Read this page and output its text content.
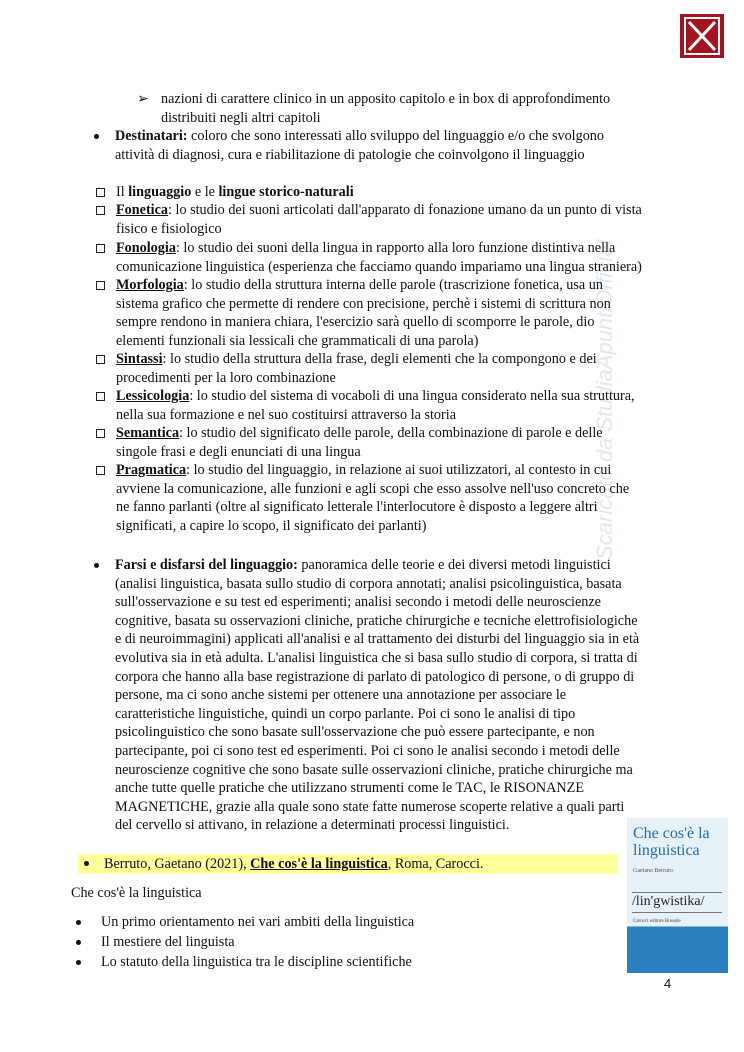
➢ nazioni di carattere clinico in un apposito capitolo e in box di approfondimento
distribuiti negli altri capitoli
Destinatari: coloro che sono interessati allo sviluppo del linguaggio e/o che svolgono
attività di diagnosi, cura e riabilitazione di patologie che coinvolgono il linguaggio
Il linguaggio e le lingue storico-naturali
Fonetica: lo studio dei suoni articolati dall'apparato di fonazione umano da un punto di vista
fisico e fisiologico
Fonologia: lo studio dei suoni della lingua in rapporto alla loro funzione distintiva nella
comunicazione linguistica (esperienza che facciamo quando impariamo una lingua straniera)
Morfologia: lo studio della struttura interna delle parole (trascrizione fonetica, usa un
sistema grafico che permette di rendere con precisione, perchè i sistemi di scrittura non
sempre rendono in maniera chiara, l'esercizio sarà quello di scomporre le parole, dio
elementi funzionali sia lessicali che grammaticali di una parola)
Sintassi: lo studio della struttura della frase, degli elementi che la compongono e dei
procedimenti per la loro combinazione
Lessicologia: lo studio del sistema di vocaboli di una lingua considerato nella sua struttura,
nella sua formazione e nel suo costituirsi attraverso la storia
Semantica: lo studio del significato delle parole, della combinazione di parole e delle
singole frasi e degli enunciati di una lingua
Pragmatica: lo studio del linguaggio, in relazione ai suoi utilizzatori, al contesto in cui
avviene la comunicazione, alle funzioni e agli scopi che esso assolve nell'uso concreto che
ne fanno parlanti (oltre al significato letterale l'interlocutore è disposto a leggere altri
significati, a capire lo scopo, il significato dei parlanti)
Farsi e disfarsi del linguaggio: panoramica delle teorie e dei diversi metodi linguistici
(analisi linguistica, basata sullo studio di corpora annotati; analisi psicolinguistica, basata
sull'osservazione e su test ed esperimenti; analisi secondo i metodi delle neuroscienze
cognitive, basata su osservazioni cliniche, pratiche chirurgiche e tecniche elettrofisiologiche
e di neuroimmagini) applicati all'analisi e al trattamento dei disturbi del linguaggio sia in età
evolutiva sia in età adulta. L'analisi linguistica che si basa sullo studio di corpora, si tratta di
corpora che hanno alla base registrazione di parlato di patologico di persone, o di gruppo di
persone, ma ci sono anche sistemi per ottenere una annotazione per associare le
caratteristiche linguistiche, quindi un corpo parlante. Poi ci sono le analisi di tipo
psicolinguistico che sono basate sull'osservazione che può essere partecipante, e non
partecipante, poi ci sono test ed esperimenti. Poi ci sono le analisi secondo i metodi delle
neuroscienze cognitive che sono basate sulle osservazioni cliniche, pratiche chirurgiche ma
anche tutte quelle pratiche che utilizzano strumenti come le TAC, le RISONANZE
MAGNETICHE, grazie alla quale sono state fatte numerose scoperte relative a quali parti
del cervello si attivano, in relazione a determinati processi linguistici.
Berruto, Gaetano (2021), Che cos'è la linguistica, Roma, Carocci.
Che cos'è la linguistica
Un primo orientamento nei vari ambiti della linguistica
Il mestiere del linguista
Lo statuto della linguistica tra le discipline scientifiche
Che cos'è la linguistica
Gaetano Berruto
/lin'gwistika/
Carocci editore Bussole
Scaricato da StudiaApuntiOfficial
4
